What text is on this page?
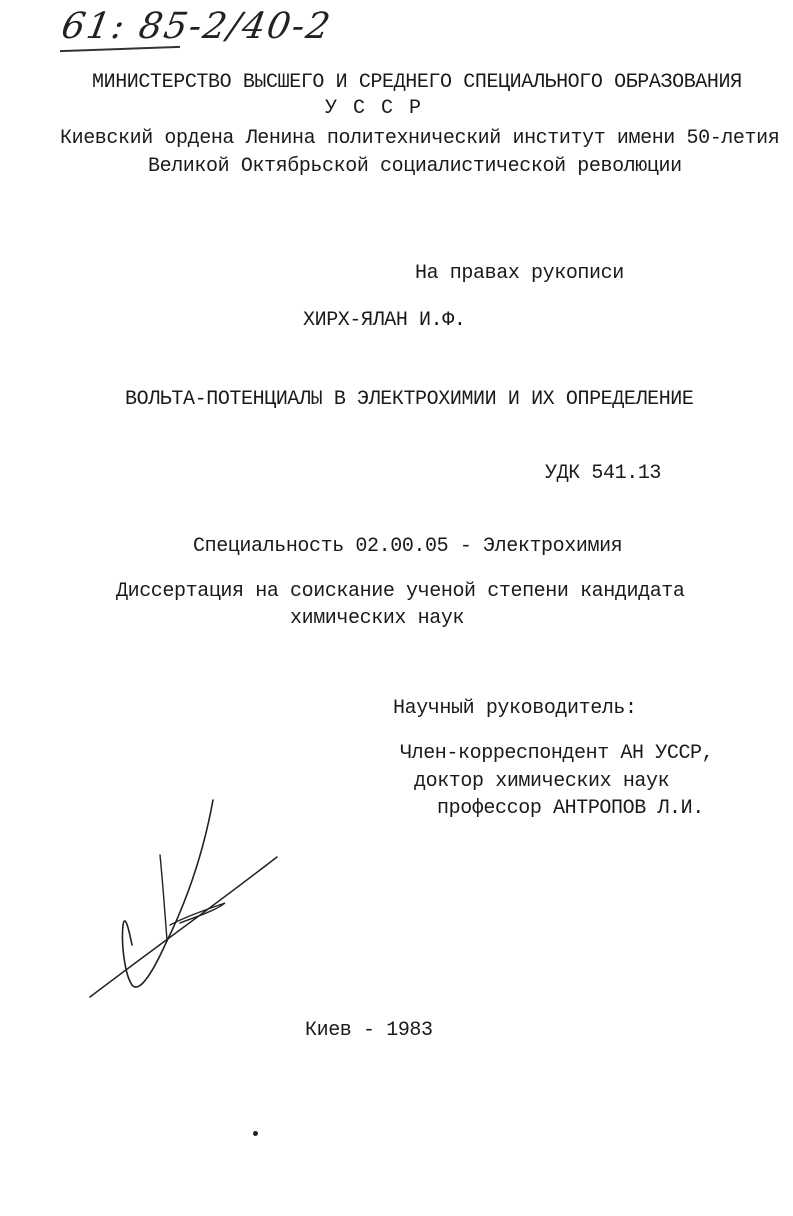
61: 85-2/40-2
МИНИСТЕРСТВО ВЫСШЕГО И СРЕДНЕГО СПЕЦИАЛЬНОГО ОБРАЗОВАНИЯ
У С С Р
Киевский ордена Ленина политехнический институт имени 50-летия
Великой Октябрьской социалистической революции
На правах рукописи
ХИРХ-ЯЛАН И.Ф.
ВОЛЬТА-ПОТЕНЦИАЛЫ В ЭЛЕКТРОХИМИИ И ИХ ОПРЕДЕЛЕНИЕ
УДК 541.13
Специальность 02.00.05 - Электрохимия
Диссертация на соискание ученой степени кандидата
химических наук
Научный руководитель:
Член-корреспондент АН УССР,
доктор химических наук
профессор АНТРОПОВ Л.И.
Киев - 1983
